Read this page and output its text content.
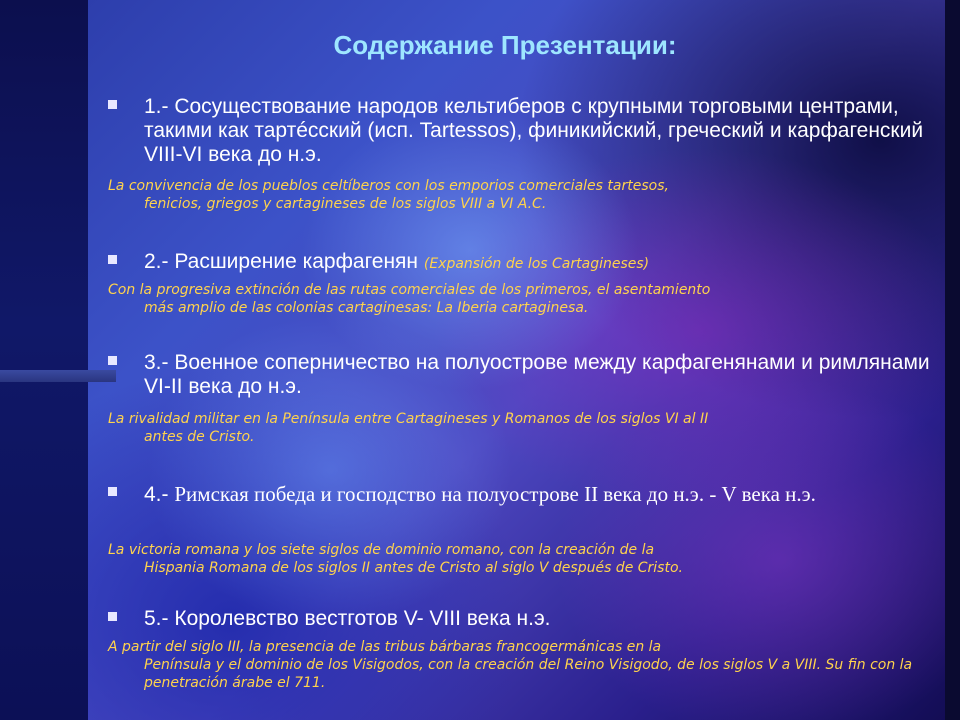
Содержание Презентации:
1.- Сосуществование народов кельтиберов с крупными торговыми центрами, такими как тартéсский (исп. Tartessos), финикийский, греческий и карфагенский VIII-VI века до н.э.
La convivencia de los pueblos celtíberos con los emporios comerciales tartesos,
fenicios, griegos y cartagineses de los siglos VIII a VI A.C.
2.- Расширение карфагенян (Expansión de los Cartagineses)
Con la progresiva extinción de las rutas comerciales de los primeros, el asentamiento
más amplio de las colonias cartaginesas: La Iberia cartaginesa.
3.- Военное соперничество на полуострове между карфагенянами и римлянами VI-II века до н.э.
La rivalidad militar en la Península entre Cartagineses y Romanos de los siglos VI al II
antes de Cristo.
4.- Римская победа и господство на полуострове II века до н.э. - V века н.э.
La victoria romana y los siete siglos de dominio romano, con la creación de la
Hispania Romana de los siglos II antes de Cristo al siglo V después de Cristo.
5.- Королевство вестготов V- VIII века н.э.
A partir del siglo III, la presencia de las tribus bárbaras francogermánicas en la
Península y el dominio de los Visigodos, con la creación del Reino Visigodo, de los siglos V a VIII. Su fin con la penetración árabe el 711.
